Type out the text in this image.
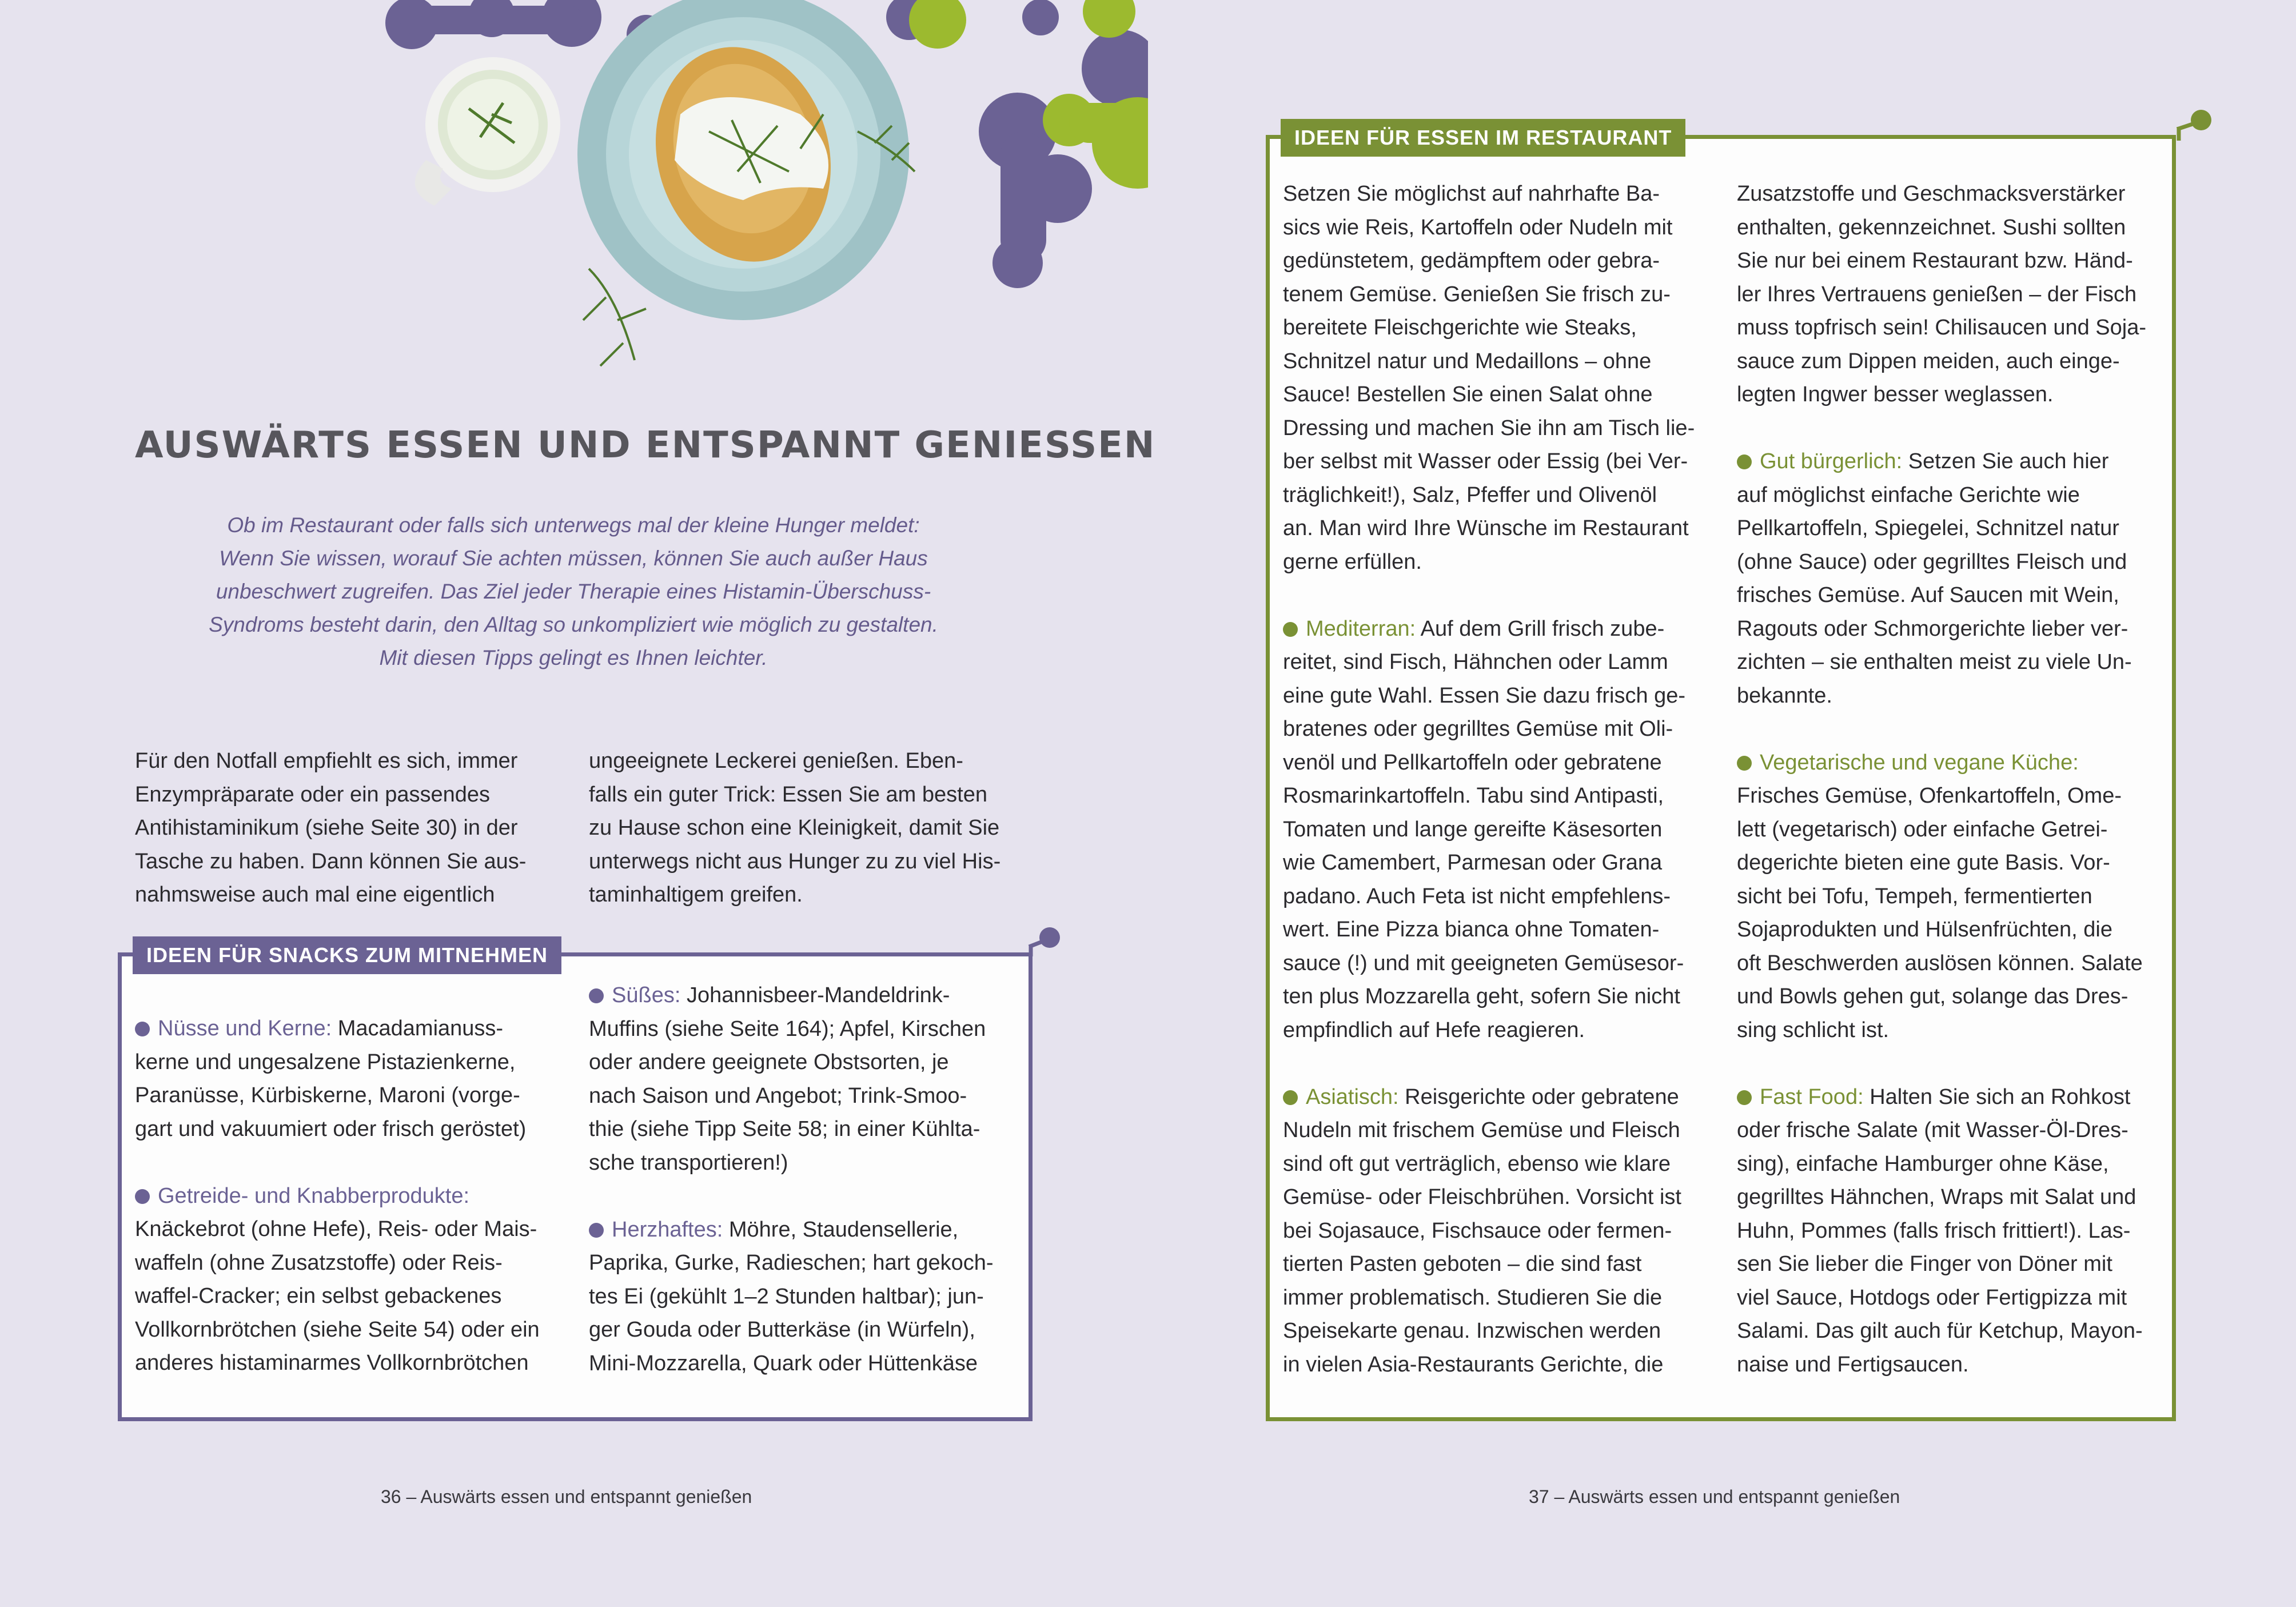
AUSWÄRTS ESSEN UND ENTSPANNT GENIESSEN

Ob im Restaurant oder falls sich unterwegs mal der kleine Hunger meldet:

Wenn Sie wissen, worauf Sie achten müssen, können Sie auch außer Haus

unbeschwert zugreifen. Das Ziel jeder Therapie eines Histamin-Überschuss-

Syndroms besteht darin, den Alltag so unkompliziert wie möglich zu gestalten.

Mit diesen Tipps gelingt es Ihnen leichter.

Für den Notfall empfiehlt es sich, immer

Enzympräparate oder ein passendes

Antihistaminikum (siehe Seite 30) in der

Tasche zu haben. Dann können Sie aus-

nahmsweise auch mal eine eigentlich

ungeeignete Leckerei genießen. Eben-

falls ein guter Trick: Essen Sie am besten

zu Hause schon eine Kleinigkeit, damit Sie

unterwegs nicht aus Hunger zu zu viel His-

taminhaltigem greifen.

IDEEN FÜR SNACKS ZUM MITNEHMEN

Nüsse und Kerne: Macadamianuss-

kerne und ungesalzene Pistazienkerne,

Paranüsse, Kürbiskerne, Maroni (vorge-

gart und vakuumiert oder frisch geröstet)

Getreide- und Knabberprodukte:

Knäckebrot (ohne Hefe), Reis- oder Mais-

waffeln (ohne Zusatzstoffe) oder Reis-

waffel-Cracker; ein selbst gebackenes

Vollkornbrötchen (siehe Seite 54) oder ein

anderes histaminarmes Vollkornbrötchen

Süßes: Johannisbeer-Mandeldrink-

Muffins (siehe Seite 164); Apfel, Kirschen

oder andere geeignete Obstsorten, je

nach Saison und Angebot; Trink-Smoo-

thie (siehe Tipp Seite 58; in einer Kühlta-

sche transportieren!)

Herzhaftes: Möhre, Staudensellerie,

Paprika, Gurke, Radieschen; hart gekoch-

tes Ei (gekühlt 1–2 Stunden haltbar); jun-

ger Gouda oder Butterkäse (in Würfeln),

Mini-Mozzarella, Quark oder Hüttenkäse

36 – Auswärts essen und entspannt genießen
IDEEN FÜR ESSEN IM RESTAURANT

Setzen Sie möglichst auf nahrhafte Ba-

sics wie Reis, Kartoffeln oder Nudeln mit

gedünstetem, gedämpftem oder gebra-

tenem Gemüse. Genießen Sie frisch zu-

bereitete Fleischgerichte wie Steaks,

Schnitzel natur und Medaillons – ohne

Sauce! Bestellen Sie einen Salat ohne

Dressing und machen Sie ihn am Tisch lie-

ber selbst mit Wasser oder Essig (bei Ver-

träglichkeit!), Salz, Pfeffer und Olivenöl

an. Man wird Ihre Wünsche im Restaurant

gerne erfüllen.

Mediterran: Auf dem Grill frisch zube-

reitet, sind Fisch, Hähnchen oder Lamm

eine gute Wahl. Essen Sie dazu frisch ge-

bratenes oder gegrilltes Gemüse mit Oli-

venöl und Pellkartoffeln oder gebratene

Rosmarinkartoffeln. Tabu sind Antipasti,

Tomaten und lange gereifte Käsesorten

wie Camembert, Parmesan oder Grana

padano. Auch Feta ist nicht empfehlens-

wert. Eine Pizza bianca ohne Tomaten-

sauce (!) und mit geeigneten Gemüsesor-

ten plus Mozzarella geht, sofern Sie nicht

empfindlich auf Hefe reagieren.

Asiatisch: Reisgerichte oder gebratene

Nudeln mit frischem Gemüse und Fleisch

sind oft gut verträglich, ebenso wie klare

Gemüse- oder Fleischbrühen. Vorsicht ist

bei Sojasauce, Fischsauce oder fermen-

tierten Pasten geboten – die sind fast

immer problematisch. Studieren Sie die

Speisekarte genau. Inzwischen werden

in vielen Asia-Restaurants Gerichte, die

Zusatzstoffe und Geschmacksverstärker

enthalten, gekennzeichnet. Sushi sollten

Sie nur bei einem Restaurant bzw. Händ-

ler Ihres Vertrauens genießen – der Fisch

muss topfrisch sein! Chilisaucen und Soja-

sauce zum Dippen meiden, auch einge-

legten Ingwer besser weglassen.

Gut bürgerlich: Setzen Sie auch hier

auf möglichst einfache Gerichte wie

Pellkartoffeln, Spiegelei, Schnitzel natur

(ohne Sauce) oder gegrilltes Fleisch und

frisches Gemüse. Auf Saucen mit Wein,

Ragouts oder Schmorgerichte lieber ver-

zichten – sie enthalten meist zu viele Un-

bekannte.

Vegetarische und vegane Küche:

Frisches Gemüse, Ofenkartoffeln, Ome-

lett (vegetarisch) oder einfache Getrei-

degerichte bieten eine gute Basis. Vor-

sicht bei Tofu, Tempeh, fermentierten

Sojaprodukten und Hülsenfrüchten, die

oft Beschwerden auslösen können. Salate

und Bowls gehen gut, solange das Dres-

sing schlicht ist.

Fast Food: Halten Sie sich an Rohkost

oder frische Salate (mit Wasser-Öl-Dres-

sing), einfache Hamburger ohne Käse,

gegrilltes Hähnchen, Wraps mit Salat und

Huhn, Pommes (falls frisch frittiert!). Las-

sen Sie lieber die Finger von Döner mit

viel Sauce, Hotdogs oder Fertigpizza mit

Salami. Das gilt auch für Ketchup, Mayon-

naise und Fertigsaucen.

37 – Auswärts essen und entspannt genießen
